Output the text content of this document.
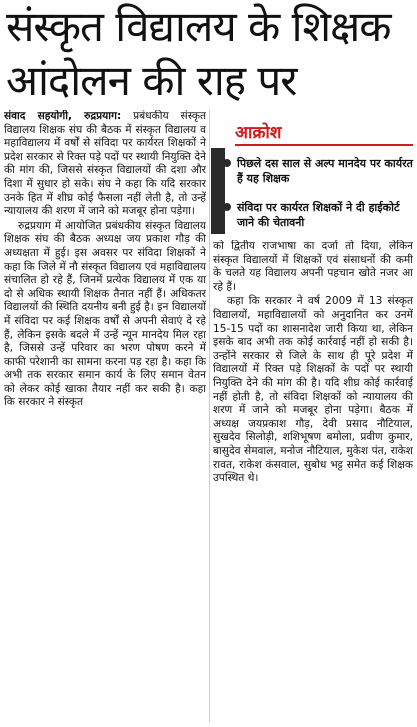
संस्कृत विद्यालय के शिक्षक
आंदोलन की राह पर

संवाद सहयोगी, रुद्रप्रयाग: प्रबंधकीय संस्कृत विद्यालय शिक्षक संघ की बैठक में संस्कृत विद्यालय व महाविद्यालय में वर्षों से संविदा पर कार्यरत शिक्षकों ने प्रदेश सरकार से रिक्त पड़े पदों पर स्थायी नियुक्ति देने की मांग की, जिससे संस्कृत विद्यालयों की दशा और दिशा में सुधार हो सके। संघ ने कहा कि यदि सरकार उनके हित में शीघ्र कोई फैसला नहीं लेती है, तो उन्हें न्यायालय की शरण में जाने को मजबूर होना पड़ेगा।

रुद्रप्रयाग में आयोजित प्रबंधकीय संस्कृत विद्यालय शिक्षक संघ की बैठक अध्यक्ष जय प्रकाश गौड़ की अध्यक्षता में हुई। इस अवसर पर संविदा शिक्षकों ने कहा कि जिले में नौ संस्कृत विद्यालय एवं महाविद्यालय संचालित हो रहे हैं, जिनमें प्रत्येक विद्यालय में एक या दो से अधिक स्थायी शिक्षक तैनात नहीं हैं। अधिकतर विद्यालयों की स्थिति दयनीय बनी हुई है। इन विद्यालयों में संविदा पर कई शिक्षक वर्षों से अपनी सेवाएं दे रहे हैं, लेकिन इसके बदले में उन्हें न्यून मानदेय मिल रहा है, जिससे उन्हें परिवार का भरण पोषण करने में काफी परेशानी का सामना करना पड़ रहा है। कहा कि अभी तक सरकार समान कार्य के लिए समान वेतन को लेकर कोई खाका तैयार नहीं कर सकी है। कहा कि सरकार ने संस्कृत

आक्रोश
पिछले दस साल से अल्प मानदेय पर कार्यरत हैं यह शिक्षक
संविदा पर कार्यरत शिक्षकों ने दी हाईकोर्ट जाने की चेतावनी

को द्वितीय राजभाषा का दर्जा तो दिया, लेकिन संस्कृत विद्यालयों में शिक्षकों एवं संसाधनों की कमी के चलते यह विद्यालय अपनी पहचान खोते नजर आ रहे हैं।

कहा कि सरकार ने वर्ष 2009 में 13 संस्कृत विद्यालयों, महाविद्यालयों को अनुदानित कर उनमें 15-15 पदों का शासनादेश जारी किया था, लेकिन इसके बाद अभी तक कोई कार्रवाई नहीं हो सकी है। उन्होंने सरकार से जिले के साथ ही पूरे प्रदेश में विद्यालयों में रिक्त पड़े शिक्षकों के पदों पर स्थायी नियुक्ति देने की मांग की है। यदि शीघ्र कोई कार्रवाई नहीं होती है, तो संविदा शिक्षकों को न्यायालय की शरण में जाने को मजबूर होना पड़ेगा। बैठक में अध्यक्ष जयप्रकाश गौड़, देवी प्रसाद नौटियाल, सुखदेव सिलोड़ी, शशिभूषण बमोला, प्रवीण कुमार, बासुदेव सेमवाल, मनोज नौटियाल, मुकेश पंत, राकेश रावत, राकेश कंसवाल, सुबोध भट्ट समेत कई शिक्षक उपस्थित थे।
